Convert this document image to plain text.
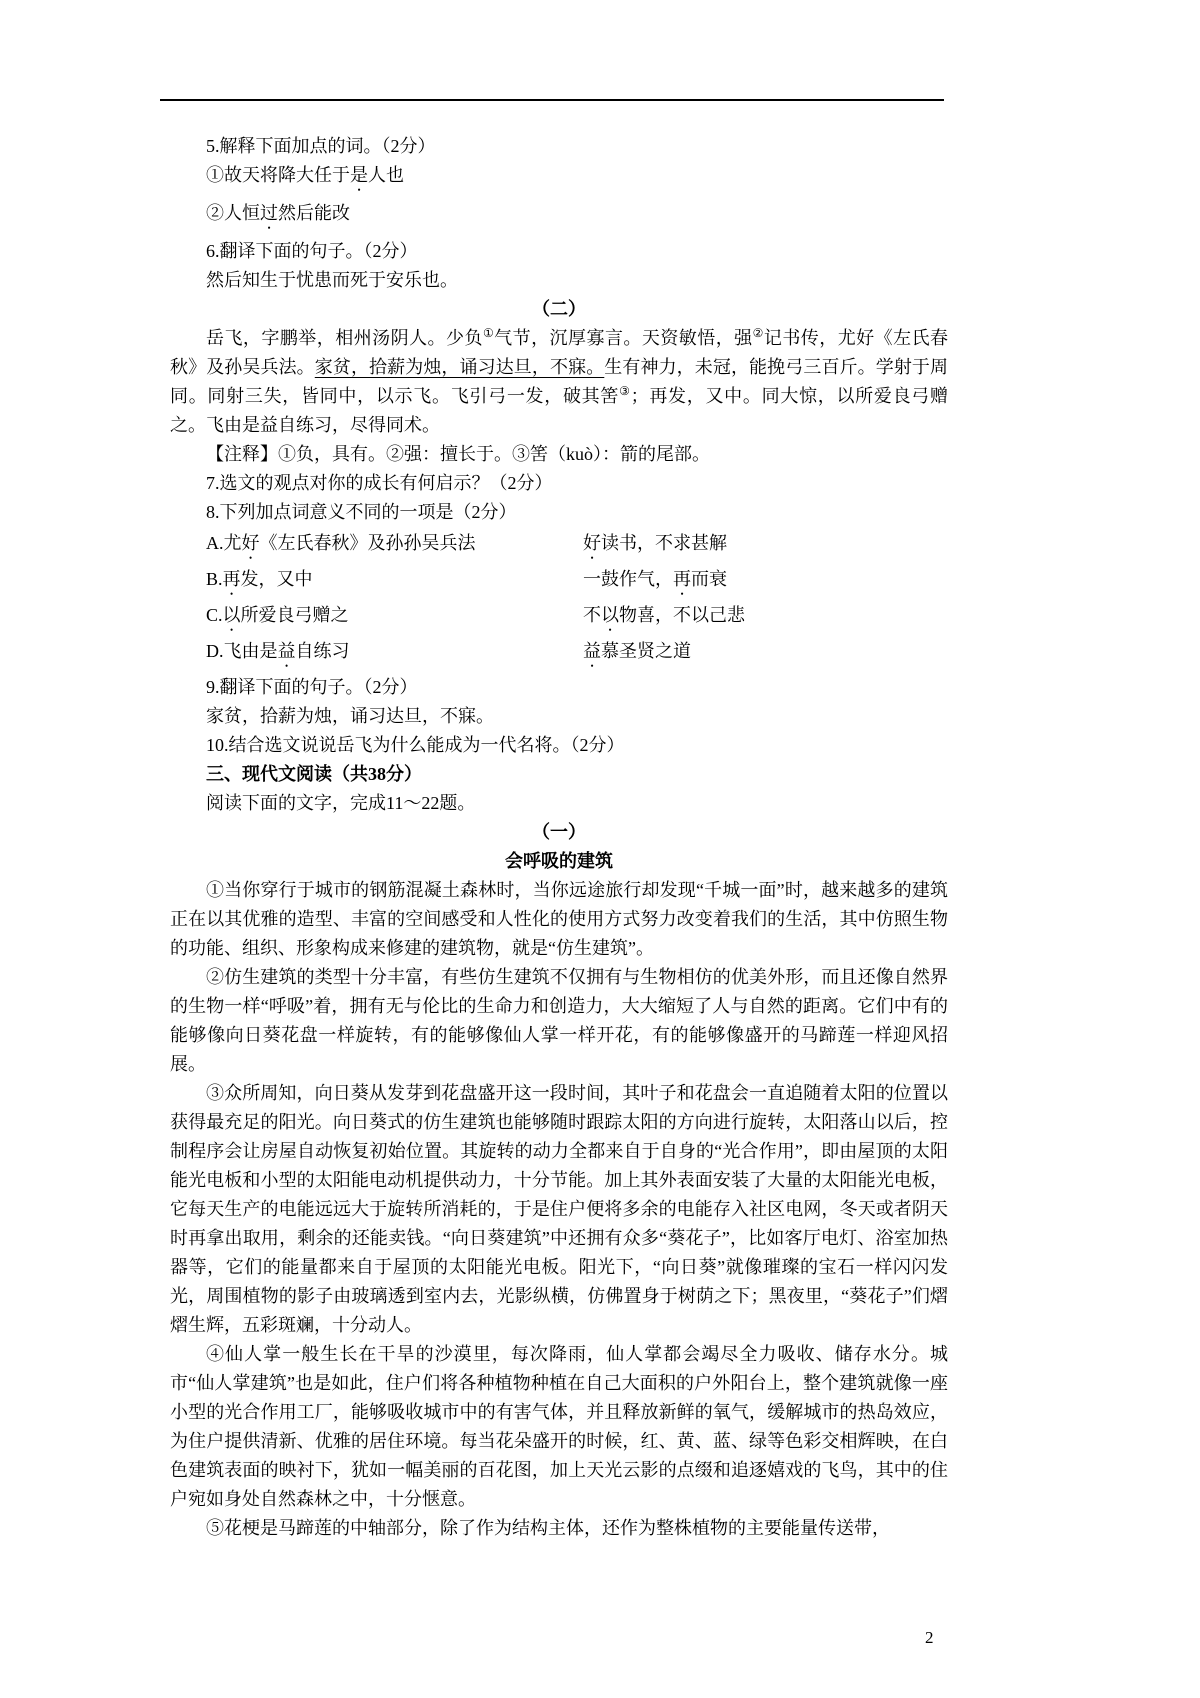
5.解释下面加点的词。（2分）

①故天将降大任于是人也

②人恒过然后能改

6.翻译下面的句子。（2分）

然后知生于忧患而死于安乐也。

（二）

岳飞，字鹏举，相州汤阴人。少负①气节，沉厚寡言。天资敏悟，强②记书传，尤好《左氏春秋》及孙吴兵法。家贫，拾薪为烛，诵习达旦，不寐。生有神力，未冠，能挽弓三百斤。学射于周同。同射三失，皆同中，以示飞。飞引弓一发，破其筈③；再发，又中。同大惊，以所爱良弓赠之。飞由是益自练习，尽得同术。

【注释】①负，具有。②强：擅长于。③筈（kuò）：箭的尾部。

7.选文的观点对你的成长有何启示？（2分）

8.下列加点词意义不同的一项是（2分）

A.尤好《左氏春秋》及孙孙吴兵法	好读书，不求甚解
B.再发，又中	一鼓作气，再而衰
C.以所爱良弓赠之	不以物喜，不以己悲
D.飞由是益自练习	益慕圣贤之道

9.翻译下面的句子。（2分）

家贫，拾薪为烛，诵习达旦，不寐。

10.结合选文说说岳飞为什么能成为一代名将。（2分）

三、现代文阅读（共38分）

阅读下面的文字，完成11～22题。

（一）

会呼吸的建筑

①当你穿行于城市的钢筋混凝土森林时，当你远途旅行却发现“千城一面”时，越来越多的建筑正在以其优雅的造型、丰富的空间感受和人性化的使用方式努力改变着我们的生活，其中仿照生物的功能、组织、形象构成来修建的建筑物，就是“仿生建筑”。

②仿生建筑的类型十分丰富，有些仿生建筑不仅拥有与生物相仿的优美外形，而且还像自然界的生物一样“呼吸”着，拥有无与伦比的生命力和创造力，大大缩短了人与自然的距离。它们中有的能够像向日葵花盘一样旋转，有的能够像仙人掌一样开花，有的能够像盛开的马蹄莲一样迎风招展。

③众所周知，向日葵从发芽到花盘盛开这一段时间，其叶子和花盘会一直追随着太阳的位置以获得最充足的阳光。向日葵式的仿生建筑也能够随时跟踪太阳的方向进行旋转，太阳落山以后，控制程序会让房屋自动恢复初始位置。其旋转的动力全都来自于自身的“光合作用”，即由屋顶的太阳能光电板和小型的太阳能电动机提供动力，十分节能。加上其外表面安装了大量的太阳能光电板，它每天生产的电能远远大于旋转所消耗的，于是住户便将多余的电能存入社区电网，冬天或者阴天时再拿出取用，剩余的还能卖钱。“向日葵建筑”中还拥有众多“葵花子”，比如客厅电灯、浴室加热器等，它们的能量都来自于屋顶的太阳能光电板。阳光下，“向日葵”就像璀璨的宝石一样闪闪发光，周围植物的影子由玻璃透到室内去，光影纵横，仿佛置身于树荫之下；黑夜里，“葵花子”们熠熠生辉，五彩斑斓，十分动人。

④仙人掌一般生长在干旱的沙漠里，每次降雨，仙人掌都会竭尽全力吸收、储存水分。城市“仙人掌建筑”也是如此，住户们将各种植物种植在自己大面积的户外阳台上，整个建筑就像一座小型的光合作用工厂，能够吸收城市中的有害气体，并且释放新鲜的氧气，缓解城市的热岛效应，为住户提供清新、优雅的居住环境。每当花朵盛开的时候，红、黄、蓝、绿等色彩交相辉映，在白色建筑表面的映衬下，犹如一幅美丽的百花图，加上天光云影的点缀和追逐嬉戏的飞鸟，其中的住户宛如身处自然森林之中，十分惬意。

⑤花梗是马蹄莲的中轴部分，除了作为结构主体，还作为整株植物的主要能量传送带，

2
